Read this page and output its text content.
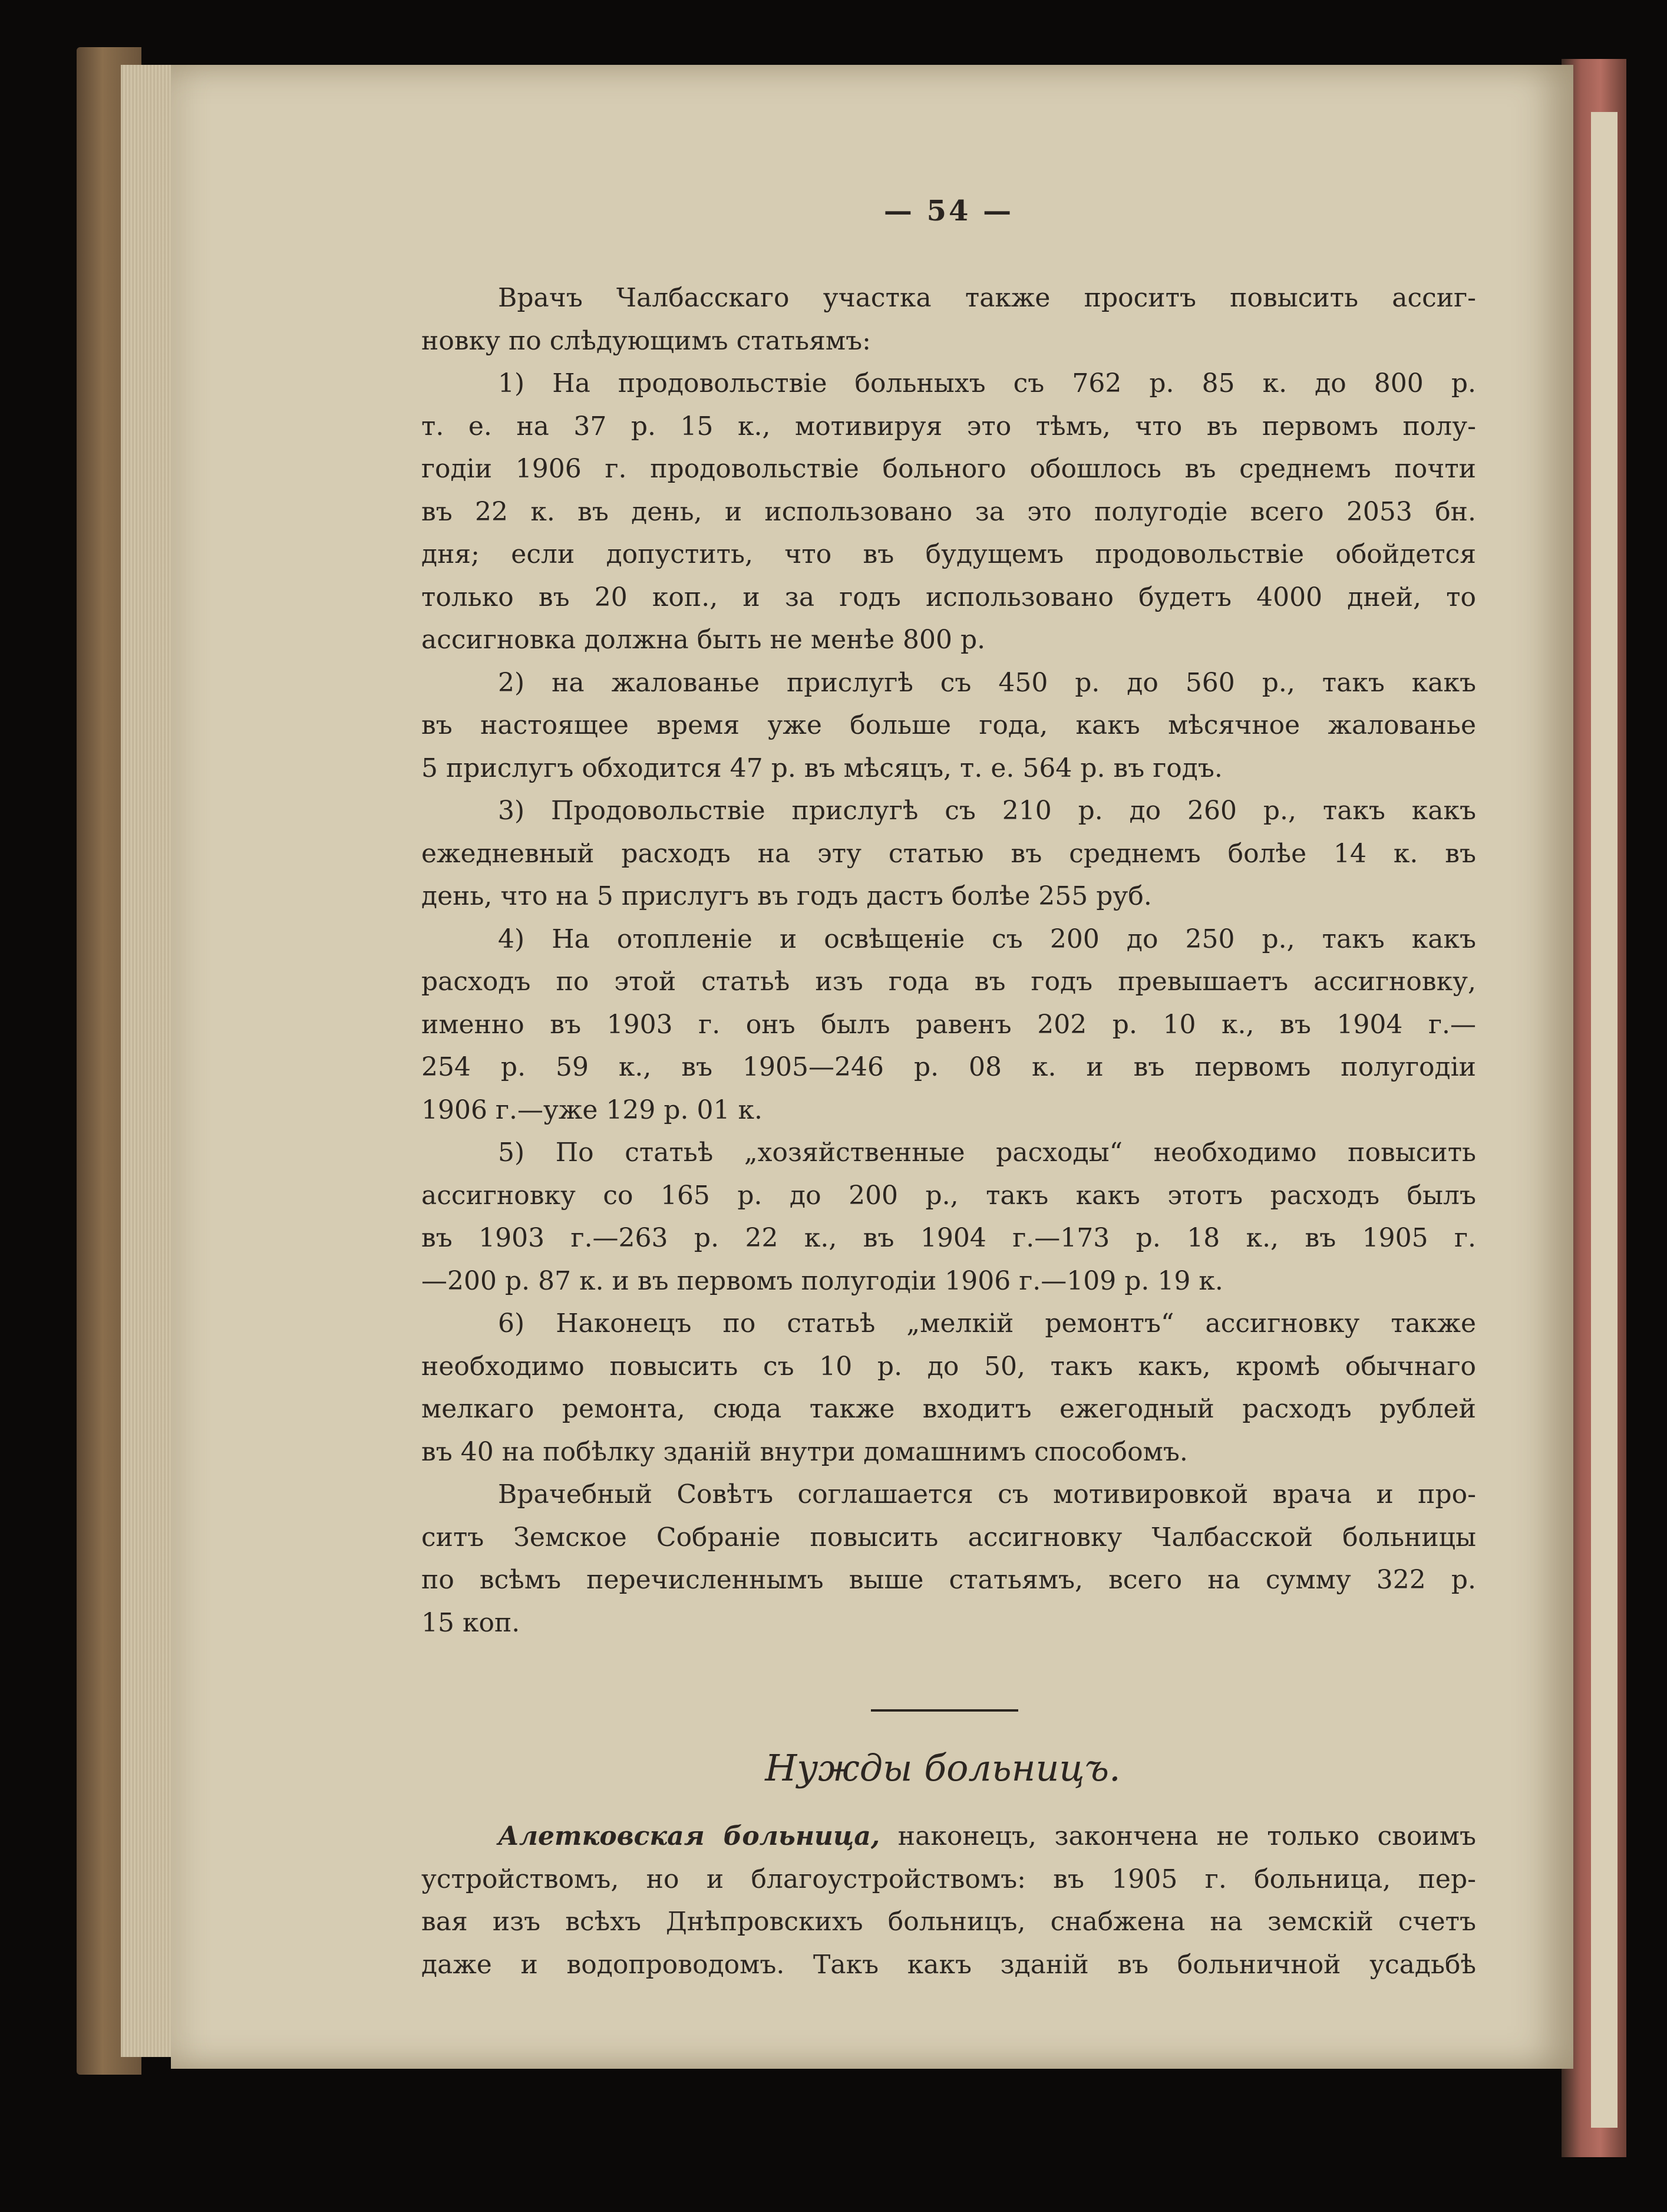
— 54 —
Врачъ Чалбасскаго участка также проситъ повысить ассиг-
новку по слѣдующимъ статьямъ:
1) На продовольствіе больныхъ съ 762 р. 85 к. до 800 р.
т. е. на 37 р. 15 к., мотивируя это тѣмъ, что въ первомъ полу-
годіи 1906 г. продовольствіе больного обошлось въ среднемъ почти
въ 22 к. въ день, и использовано за это полугодіе всего 2053 бн.
дня; если допустить, что въ будущемъ продовольствіе обойдется
только въ 20 коп., и за годъ использовано будетъ 4000 дней, то
ассигновка должна быть не менѣе 800 р.
2) на жалованье прислугѣ съ 450 р. до 560 р., такъ какъ
въ настоящее время уже больше года, какъ мѣсячное жалованье
5 прислугъ обходится 47 р. въ мѣсяцъ, т. е. 564 р. въ годъ.
3) Продовольствіе прислугѣ съ 210 р. до 260 р., такъ какъ
ежедневный расходъ на эту статью въ среднемъ болѣе 14 к. въ
день, что на 5 прислугъ въ годъ дастъ болѣе 255 руб.
4) На отопленіе и освѣщеніе съ 200 до 250 р., такъ какъ
расходъ по этой статьѣ изъ года въ годъ превышаетъ ассигновку,
именно въ 1903 г. онъ былъ равенъ 202 р. 10 к., въ 1904 г.—
254 р. 59 к., въ 1905—246 р. 08 к. и въ первомъ полугодіи
1906 г.—уже 129 р. 01 к.
5) По статьѣ „хозяйственные расходы“ необходимо повысить
ассигновку со 165 р. до 200 р., такъ какъ этотъ расходъ былъ
въ 1903 г.—263 р. 22 к., въ 1904 г.—173 р. 18 к., въ 1905 г.
—200 р. 87 к. и въ первомъ полугодіи 1906 г.—109 р. 19 к.
6) Наконецъ по статьѣ „мелкій ремонтъ“ ассигновку также
необходимо повысить съ 10 р. до 50, такъ какъ, кромѣ обычнаго
мелкаго ремонта, сюда также входитъ ежегодный расходъ рублей
въ 40 на побѣлку зданій внутри домашнимъ способомъ.
Врачебный Совѣтъ соглашается съ мотивировкой врача и про-
ситъ Земское Собраніе повысить ассигновку Чалбасской больницы
по всѣмъ перечисленнымъ выше статьямъ, всего на сумму 322 р.
15 коп.
Нужды больницъ.
Алетковская больница, наконецъ, закончена не только своимъ
устройствомъ, но и благоустройствомъ: въ 1905 г. больница, пер-
вая изъ всѣхъ Днѣпровскихъ больницъ, снабжена на земскій счетъ
даже и водопроводомъ. Такъ какъ зданій въ больничной усадьбѣ
